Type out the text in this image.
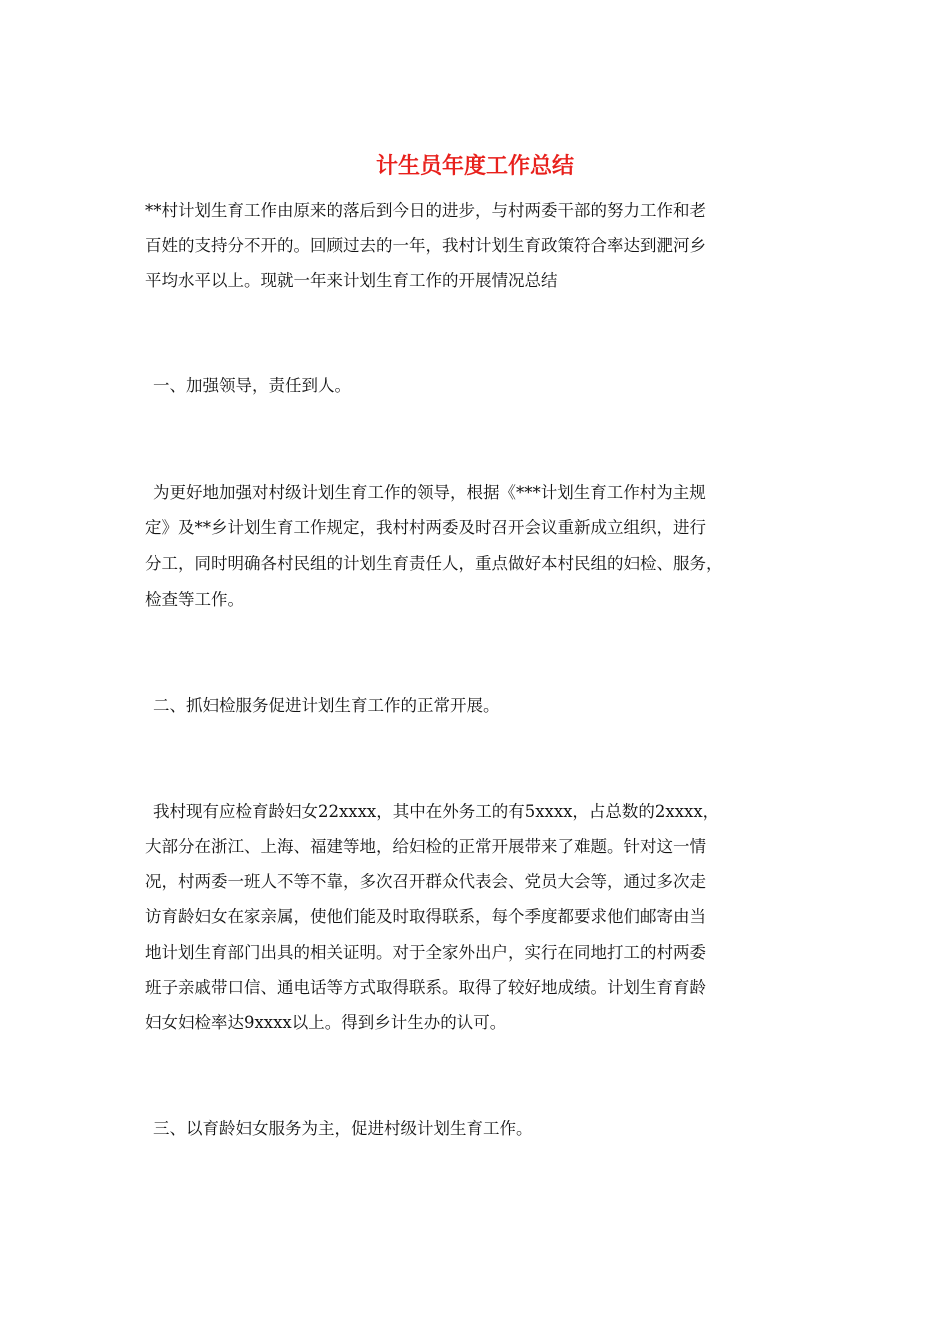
计生员年度工作总结

**村计划生育工作由原来的落后到今日的进步，与村两委干部的努力工作和老

百姓的支持分不开的。回顾过去的一年，我村计划生育政策符合率达到淝河乡

平均水平以上。现就一年来计划生育工作的开展情况总结

一、加强领导，责任到人。

为更好地加强对村级计划生育工作的领导，根据《***计划生育工作村为主规

定》及**乡计划生育工作规定，我村村两委及时召开会议重新成立组织，进行

分工，同时明确各村民组的计划生育责任人，重点做好本村民组的妇检、服务，

检查等工作。

二、抓妇检服务促进计划生育工作的正常开展。

我村现有应检育龄妇女22xxxx，其中在外务工的有5xxxx，占总数的2xxxx，

大部分在浙江、上海、福建等地，给妇检的正常开展带来了难题。针对这一情

况，村两委一班人不等不靠，多次召开群众代表会、党员大会等，通过多次走

访育龄妇女在家亲属，使他们能及时取得联系，每个季度都要求他们邮寄由当

地计划生育部门出具的相关证明。对于全家外出户，实行在同地打工的村两委

班子亲戚带口信、通电话等方式取得联系。取得了较好地成绩。计划生育育龄

妇女妇检率达9xxxx以上。得到乡计生办的认可。

三、以育龄妇女服务为主，促进村级计划生育工作。
